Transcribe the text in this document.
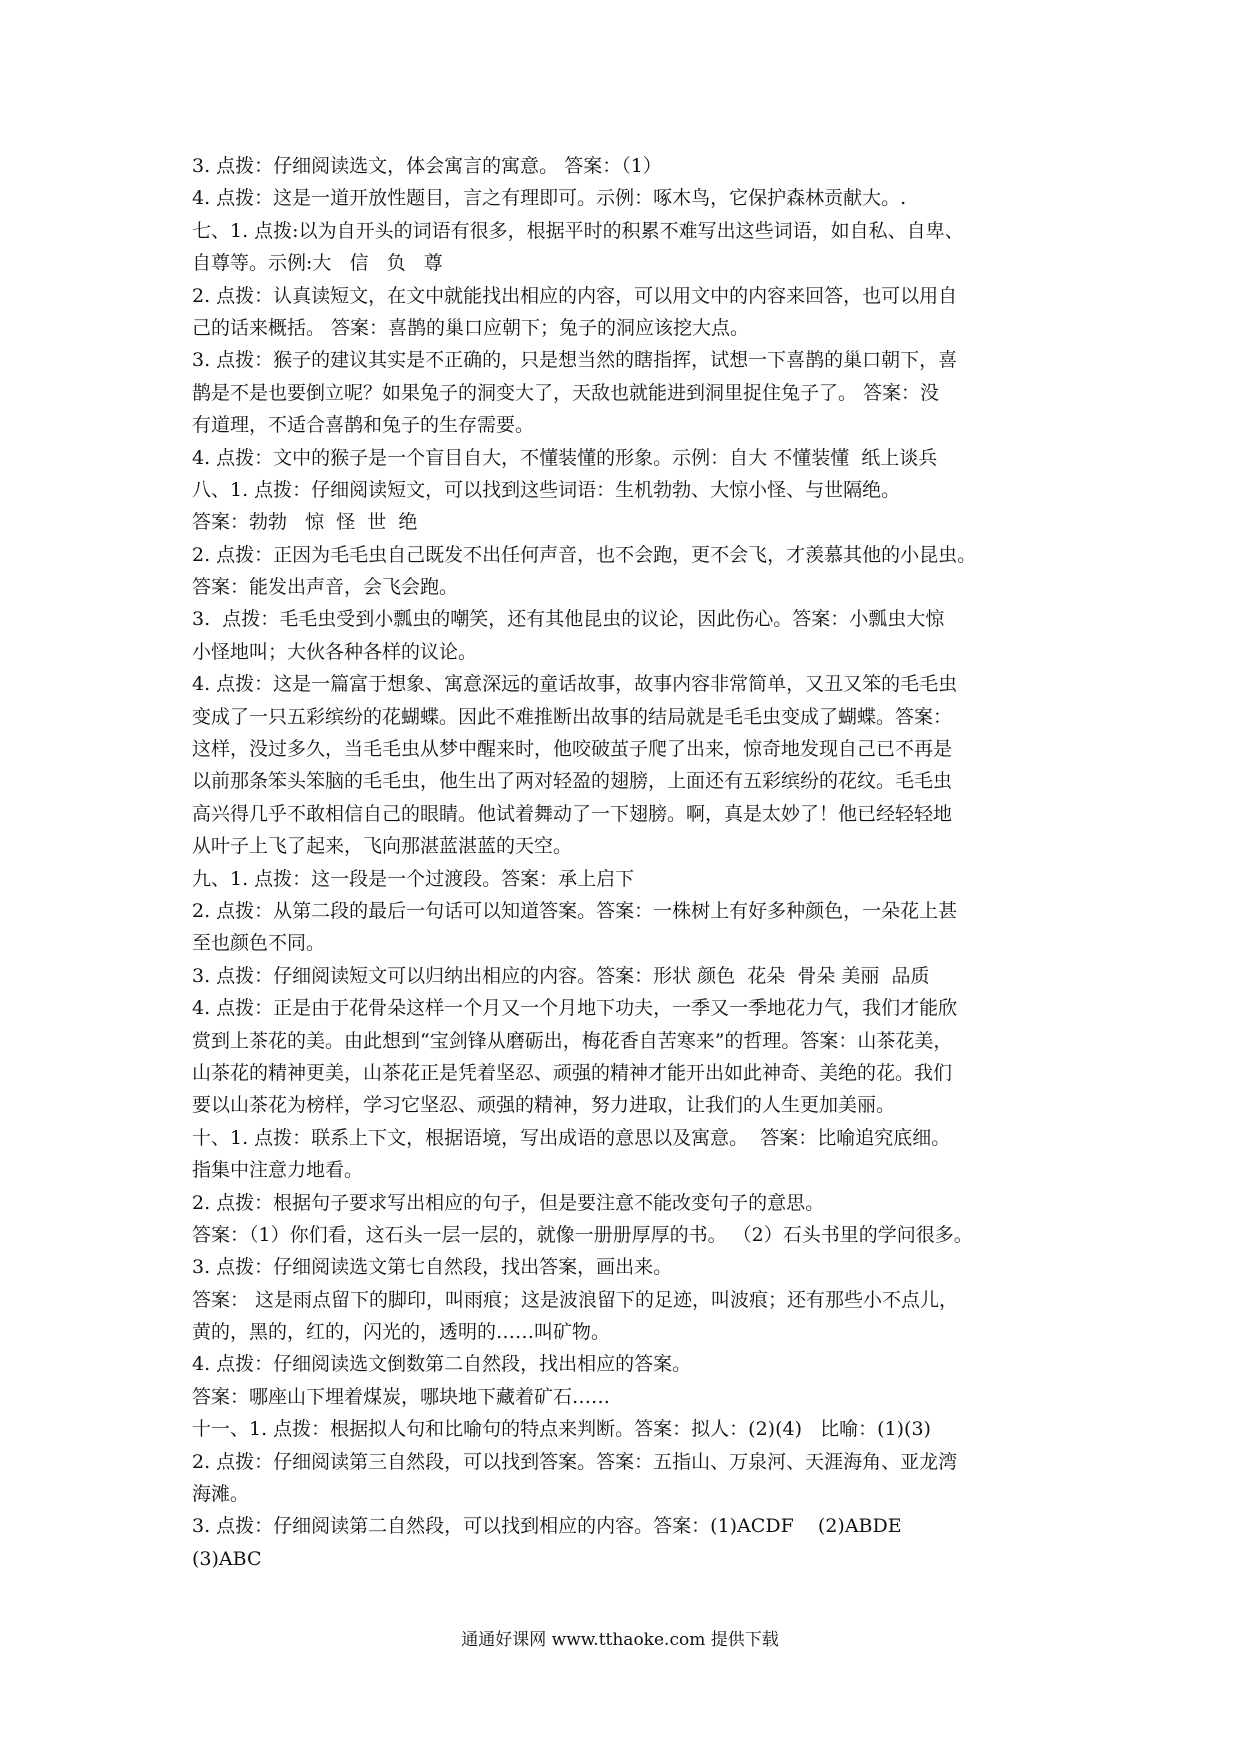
3. 点拨：仔细阅读选文，体会寓言的寓意。 答案：（1）
4. 点拨：这是一道开放性题目，言之有理即可。示例：啄木鸟，它保护森林贡献大。.
七、1. 点拨:以为自开头的词语有很多，根据平时的积累不难写出这些词语，如自私、自卑、
自尊等。示例:大   信   负   尊
2. 点拨：认真读短文，在文中就能找出相应的内容，可以用文中的内容来回答，也可以用自
己的话来概括。 答案：喜鹊的巢口应朝下；兔子的洞应该挖大点。
3. 点拨：猴子的建议其实是不正确的，只是想当然的瞎指挥，试想一下喜鹊的巢口朝下，喜
鹊是不是也要倒立呢？如果兔子的洞变大了，天敌也就能进到洞里捉住兔子了。 答案：没
有道理，不适合喜鹊和兔子的生存需要。
4. 点拨：文中的猴子是一个盲目自大，不懂装懂的形象。示例：自大 不懂装懂  纸上谈兵
八、1. 点拨：仔细阅读短文，可以找到这些词语：生机勃勃、大惊小怪、与世隔绝。
答案：勃勃   惊  怪  世  绝
2. 点拨：正因为毛毛虫自己既发不出任何声音，也不会跑，更不会飞，才羡慕其他的小昆虫。
答案：能发出声音，会飞会跑。
3.  点拨：毛毛虫受到小瓢虫的嘲笑，还有其他昆虫的议论，因此伤心。答案：小瓢虫大惊
小怪地叫；大伙各种各样的议论。
4. 点拨：这是一篇富于想象、寓意深远的童话故事，故事内容非常简单，又丑又笨的毛毛虫
变成了一只五彩缤纷的花蝴蝶。因此不难推断出故事的结局就是毛毛虫变成了蝴蝶。答案：
这样，没过多久，当毛毛虫从梦中醒来时，他咬破茧子爬了出来，惊奇地发现自己已不再是
以前那条笨头笨脑的毛毛虫，他生出了两对轻盈的翅膀，上面还有五彩缤纷的花纹。毛毛虫
高兴得几乎不敢相信自己的眼睛。他试着舞动了一下翅膀。啊，真是太妙了！他已经轻轻地
从叶子上飞了起来，飞向那湛蓝湛蓝的天空。
九、1. 点拨：这一段是一个过渡段。答案：承上启下
2. 点拨：从第二段的最后一句话可以知道答案。答案：一株树上有好多种颜色，一朵花上甚
至也颜色不同。
3. 点拨：仔细阅读短文可以归纳出相应的内容。答案：形状 颜色  花朵  骨朵 美丽  品质
4. 点拨：正是由于花骨朵这样一个月又一个月地下功夫，一季又一季地花力气，我们才能欣
赏到上茶花的美。由此想到“宝剑锋从磨砺出，梅花香自苦寒来”的哲理。答案：山茶花美，
山茶花的精神更美，山茶花正是凭着坚忍、顽强的精神才能开出如此神奇、美绝的花。我们
要以山茶花为榜样，学习它坚忍、顽强的精神，努力进取，让我们的人生更加美丽。
十、1. 点拨：联系上下文，根据语境，写出成语的意思以及寓意。  答案：比喻追究底细。
指集中注意力地看。
2. 点拨：根据句子要求写出相应的句子，但是要注意不能改变句子的意思。
答案：（1）你们看，这石头一层一层的，就像一册册厚厚的书。 （2）石头书里的学问很多。
3. 点拨：仔细阅读选文第七自然段，找出答案，画出来。
答案： 这是雨点留下的脚印，叫雨痕；这是波浪留下的足迹，叫波痕；还有那些小不点儿，
黄的，黑的，红的，闪光的，透明的……叫矿物。
4. 点拨：仔细阅读选文倒数第二自然段，找出相应的答案。
答案：哪座山下埋着煤炭，哪块地下藏着矿石……
十一、1. 点拨：根据拟人句和比喻句的特点来判断。答案：拟人：(2)(4)   比喻：(1)(3)
2. 点拨：仔细阅读第三自然段，可以找到答案。答案：五指山、万泉河、天涯海角、亚龙湾
海滩。
3. 点拨：仔细阅读第二自然段，可以找到相应的内容。答案：(1)ACDF    (2)ABDE
(3)ABC
通通好课网 www.tthaoke.com 提供下载
